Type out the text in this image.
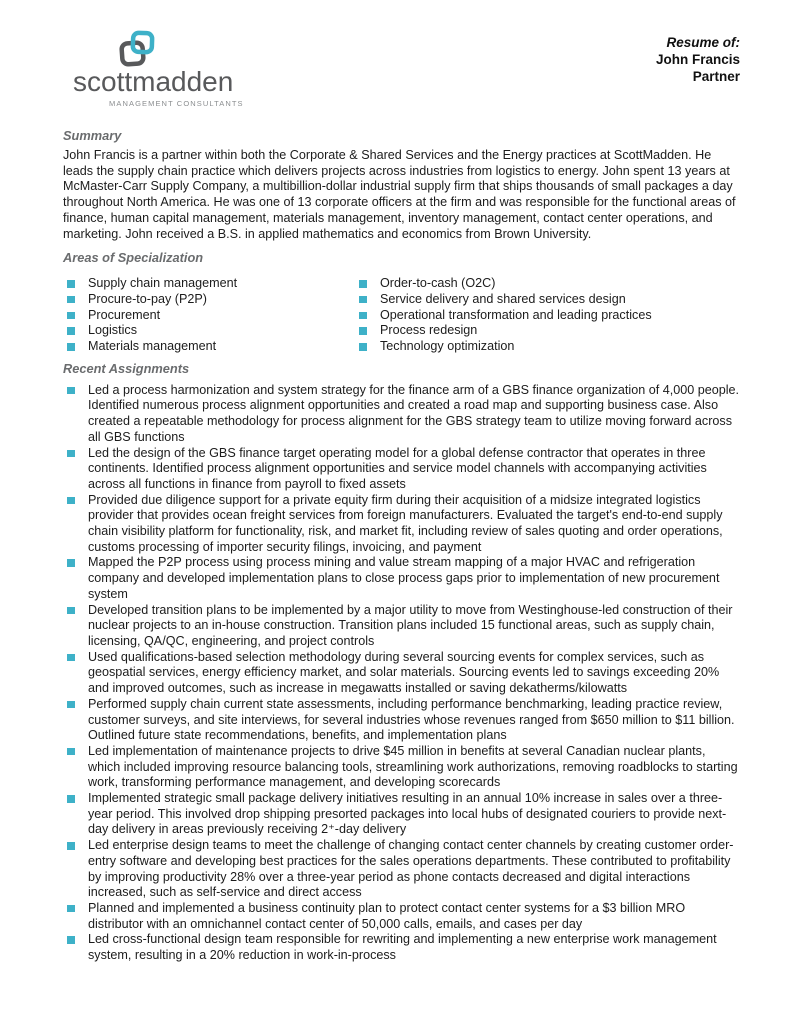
scottmadden
MANAGEMENT CONSULTANTS
Resume of:
John Francis
Partner
Summary

John Francis is a partner within both the Corporate & Shared Services and the Energy practices at ScottMadden. He leads the supply chain practice which delivers projects across industries from logistics to energy. John spent 13 years at McMaster-Carr Supply Company, a multibillion-dollar industrial supply firm that ships thousands of small packages a day throughout North America. He was one of 13 corporate officers at the firm and was responsible for the functional areas of finance, human capital management, materials management, inventory management, contact center operations, and marketing. John received a B.S. in applied mathematics and economics from Brown University.

Areas of Specialization
Supply chain management
Procure-to-pay (P2P)
Procurement
Logistics
Materials management
Order-to-cash (O2C)
Service delivery and shared services design
Operational transformation and leading practices
Process redesign
Technology optimization
Recent Assignments
Led a process harmonization and system strategy for the finance arm of a GBS finance organization of 4,000 people. Identified numerous process alignment opportunities and created a road map and supporting business case. Also created a repeatable methodology for process alignment for the GBS strategy team to utilize moving forward across all GBS functions
Led the design of the GBS finance target operating model for a global defense contractor that operates in three continents. Identified process alignment opportunities and service model channels with accompanying activities across all functions in finance from payroll to fixed assets
Provided due diligence support for a private equity firm during their acquisition of a midsize integrated logistics provider that provides ocean freight services from foreign manufacturers. Evaluated the target's end-to-end supply chain visibility platform for functionality, risk, and market fit, including review of sales quoting and order operations, customs processing of importer security filings, invoicing, and payment
Mapped the P2P process using process mining and value stream mapping of a major HVAC and refrigeration company and developed implementation plans to close process gaps prior to implementation of new procurement system
Developed transition plans to be implemented by a major utility to move from Westinghouse-led construction of their nuclear projects to an in-house construction. Transition plans included 15 functional areas, such as supply chain, licensing, QA/QC, engineering, and project controls
Used qualifications-based selection methodology during several sourcing events for complex services, such as geospatial services, energy efficiency market, and solar materials. Sourcing events led to savings exceeding 20% and improved outcomes, such as increase in megawatts installed or saving dekatherms/kilowatts
Performed supply chain current state assessments, including performance benchmarking, leading practice review, customer surveys, and site interviews, for several industries whose revenues ranged from $650 million to $11 billion. Outlined future state recommendations, benefits, and implementation plans
Led implementation of maintenance projects to drive $45 million in benefits at several Canadian nuclear plants, which included improving resource balancing tools, streamlining work authorizations, removing roadblocks to starting work, transforming performance management, and developing scorecards
Implemented strategic small package delivery initiatives resulting in an annual 10% increase in sales over a three-year period. This involved drop shipping presorted packages into local hubs of designated couriers to provide next-day delivery in areas previously receiving 2⁺-day delivery
Led enterprise design teams to meet the challenge of changing contact center channels by creating customer order-entry software and developing best practices for the sales operations departments. These contributed to profitability by improving productivity 28% over a three-year period as phone contacts decreased and digital interactions increased, such as self-service and direct access
Planned and implemented a business continuity plan to protect contact center systems for a $3 billion MRO distributor with an omnichannel contact center of 50,000 calls, emails, and cases per day
Led cross-functional design team responsible for rewriting and implementing a new enterprise work management system, resulting in a 20% reduction in work-in-process
